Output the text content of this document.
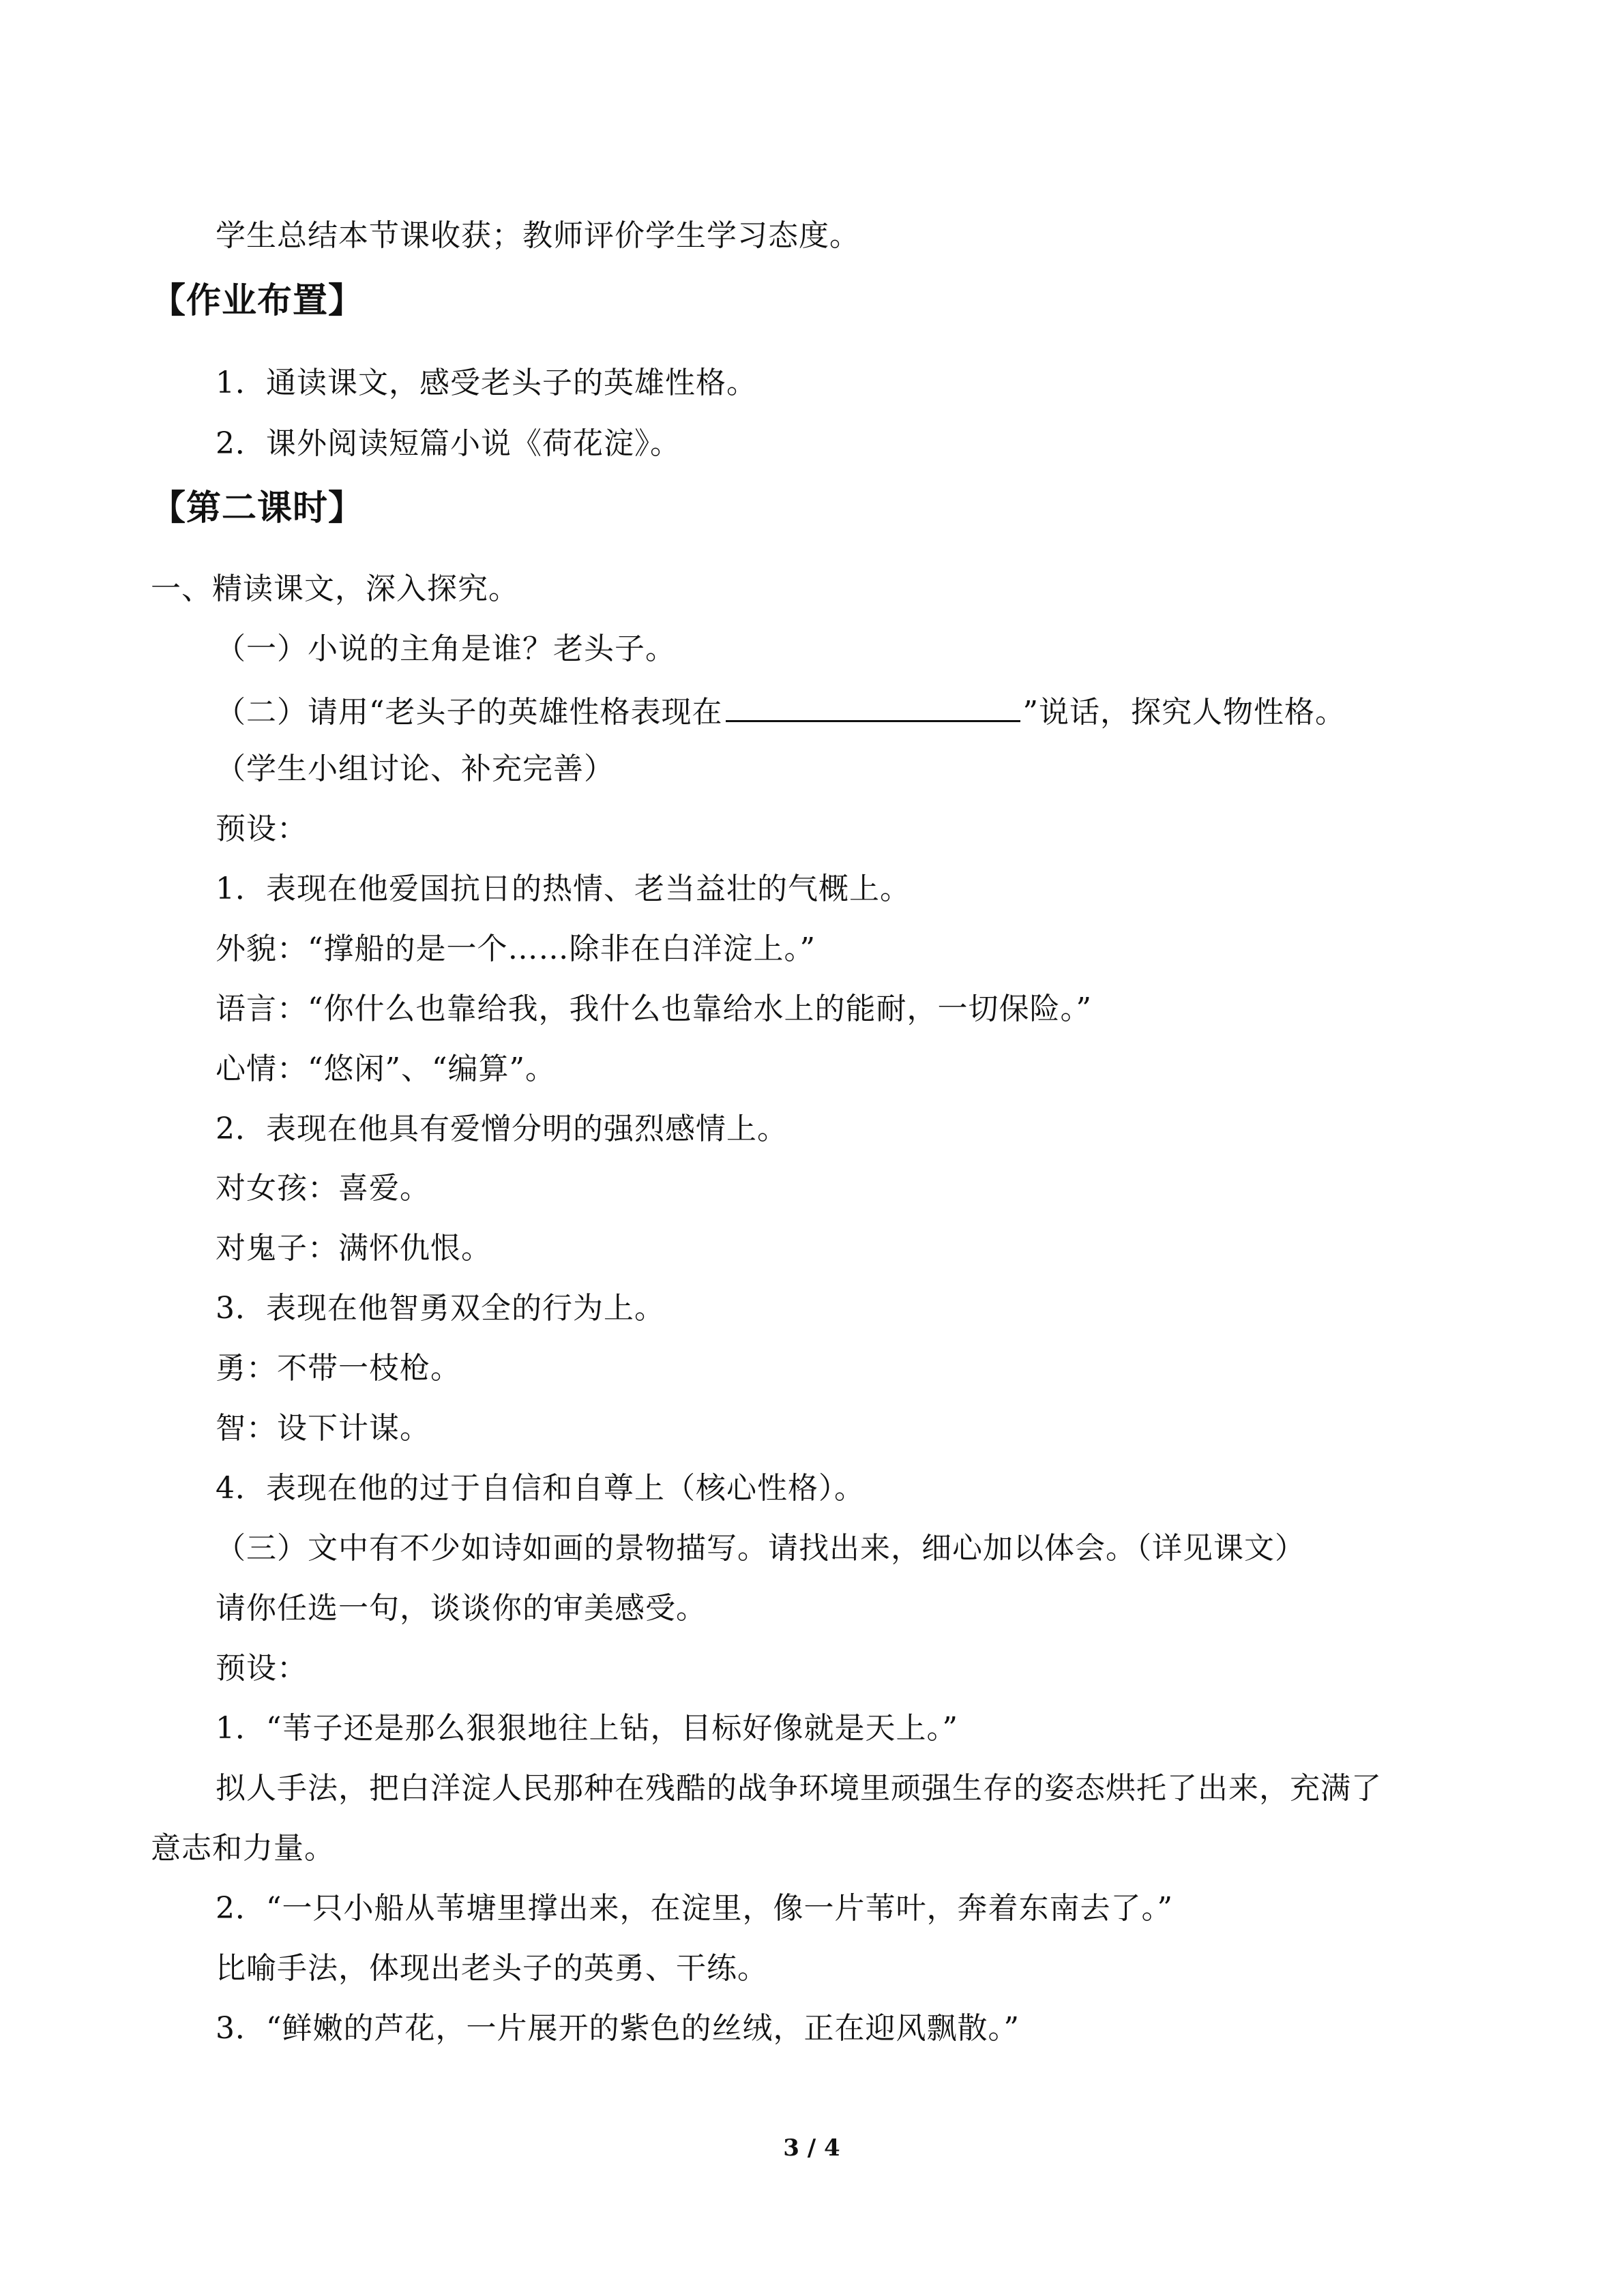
学生总结本节课收获；教师评价学生学习态度。
【作业布置】
1．通读课文，感受老头子的英雄性格。
2．课外阅读短篇小说《荷花淀》。
【第二课时】
一、精读课文，深入探究。
（一）小说的主角是谁？老头子。
（二）请用“老头子的英雄性格表现在	”说话，探究人物性格。
（学生小组讨论、补充完善）
预设：
1．表现在他爱国抗日的热情、老当益壮的气概上。
外貌：“撑船的是一个……除非在白洋淀上。”
语言：“你什么也靠给我，我什么也靠给水上的能耐，一切保险。”
心情：“悠闲”、“编算”。
2．表现在他具有爱憎分明的强烈感情上。
对女孩：喜爱。
对鬼子：满怀仇恨。
3．表现在他智勇双全的行为上。
勇：不带一枝枪。
智：设下计谋。
4．表现在他的过于自信和自尊上（核心性格）。
（三）文中有不少如诗如画的景物描写。请找出来，细心加以体会。（详见课文）
请你任选一句，谈谈你的审美感受。
预设：
1．“苇子还是那么狠狠地往上钻，目标好像就是天上。”
拟人手法，把白洋淀人民那种在残酷的战争环境里顽强生存的姿态烘托了出来，充满了
意志和力量。
2．“一只小船从苇塘里撑出来，在淀里，像一片苇叶，奔着东南去了。”
比喻手法，体现出老头子的英勇、干练。
3．“鲜嫩的芦花，一片展开的紫色的丝绒，正在迎风飘散。”
3 / 4
